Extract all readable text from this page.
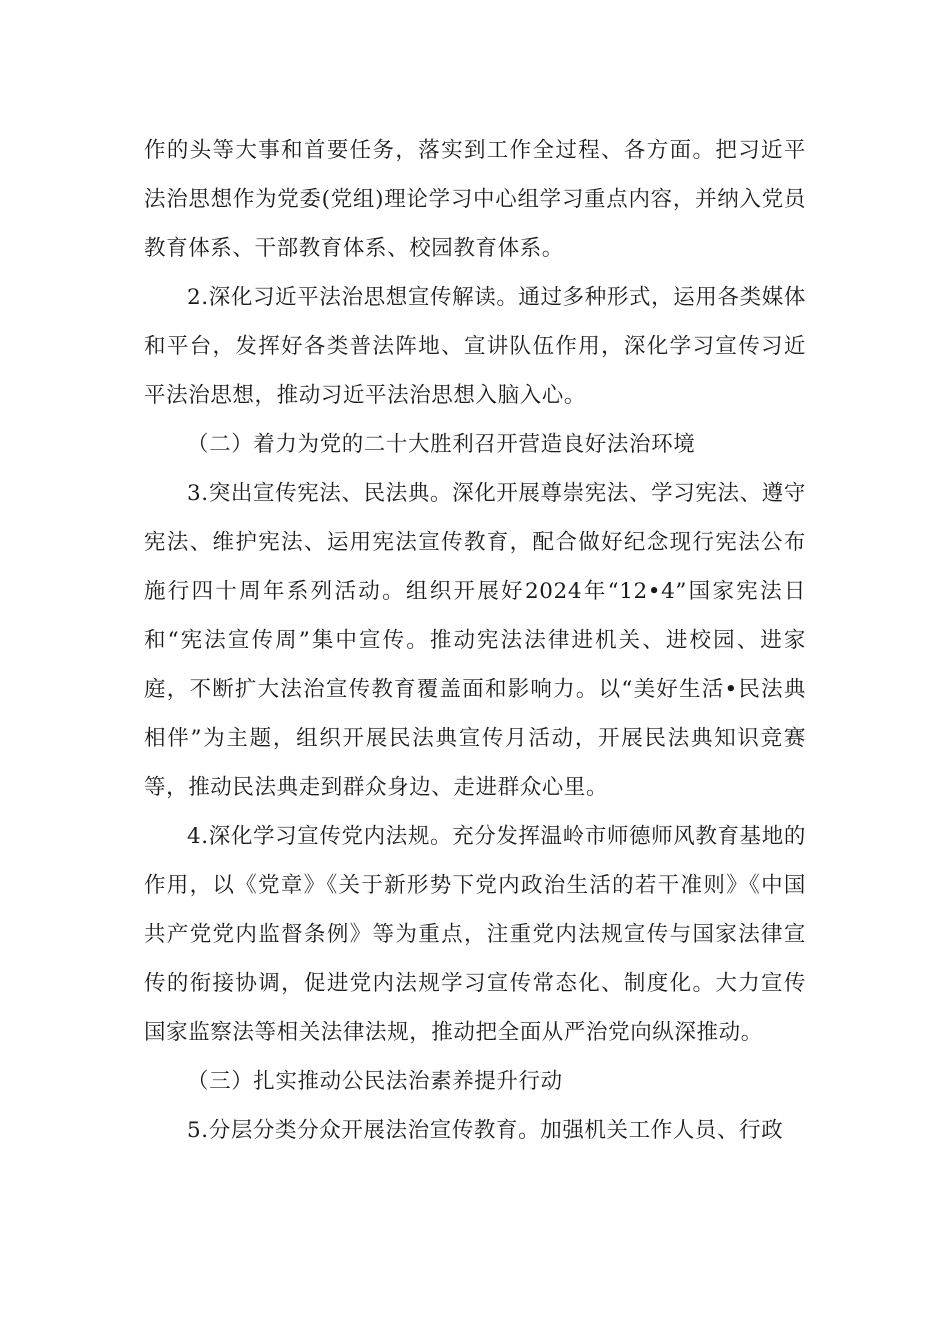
作的头等大事和首要任务，落实到工作全过程、各方面。把习近平法治思想作为党委(党组)理论学习中心组学习重点内容，并纳入党员教育体系、干部教育体系、校园教育体系。

2.深化习近平法治思想宣传解读。通过多种形式，运用各类媒体和平台，发挥好各类普法阵地、宣讲队伍作用，深化学习宣传习近平法治思想，推动习近平法治思想入脑入心。

（二）着力为党的二十大胜利召开营造良好法治环境

3.突出宣传宪法、民法典。深化开展尊崇宪法、学习宪法、遵守宪法、维护宪法、运用宪法宣传教育，配合做好纪念现行宪法公布施行四十周年系列活动。组织开展好2024年“12•4”国家宪法日和“宪法宣传周”集中宣传。推动宪法法律进机关、进校园、进家庭，不断扩大法治宣传教育覆盖面和影响力。以“美好生活•民法典相伴”为主题，组织开展民法典宣传月活动，开展民法典知识竞赛等，推动民法典走到群众身边、走进群众心里。

4.深化学习宣传党内法规。充分发挥温岭市师德师风教育基地的作用，以《党章》《关于新形势下党内政治生活的若干准则》《中国共产党党内监督条例》等为重点，注重党内法规宣传与国家法律宣传的衔接协调，促进党内法规学习宣传常态化、制度化。大力宣传国家监察法等相关法律法规，推动把全面从严治党向纵深推动。

（三）扎实推动公民法治素养提升行动

5.分层分类分众开展法治宣传教育。加强机关工作人员、行政
